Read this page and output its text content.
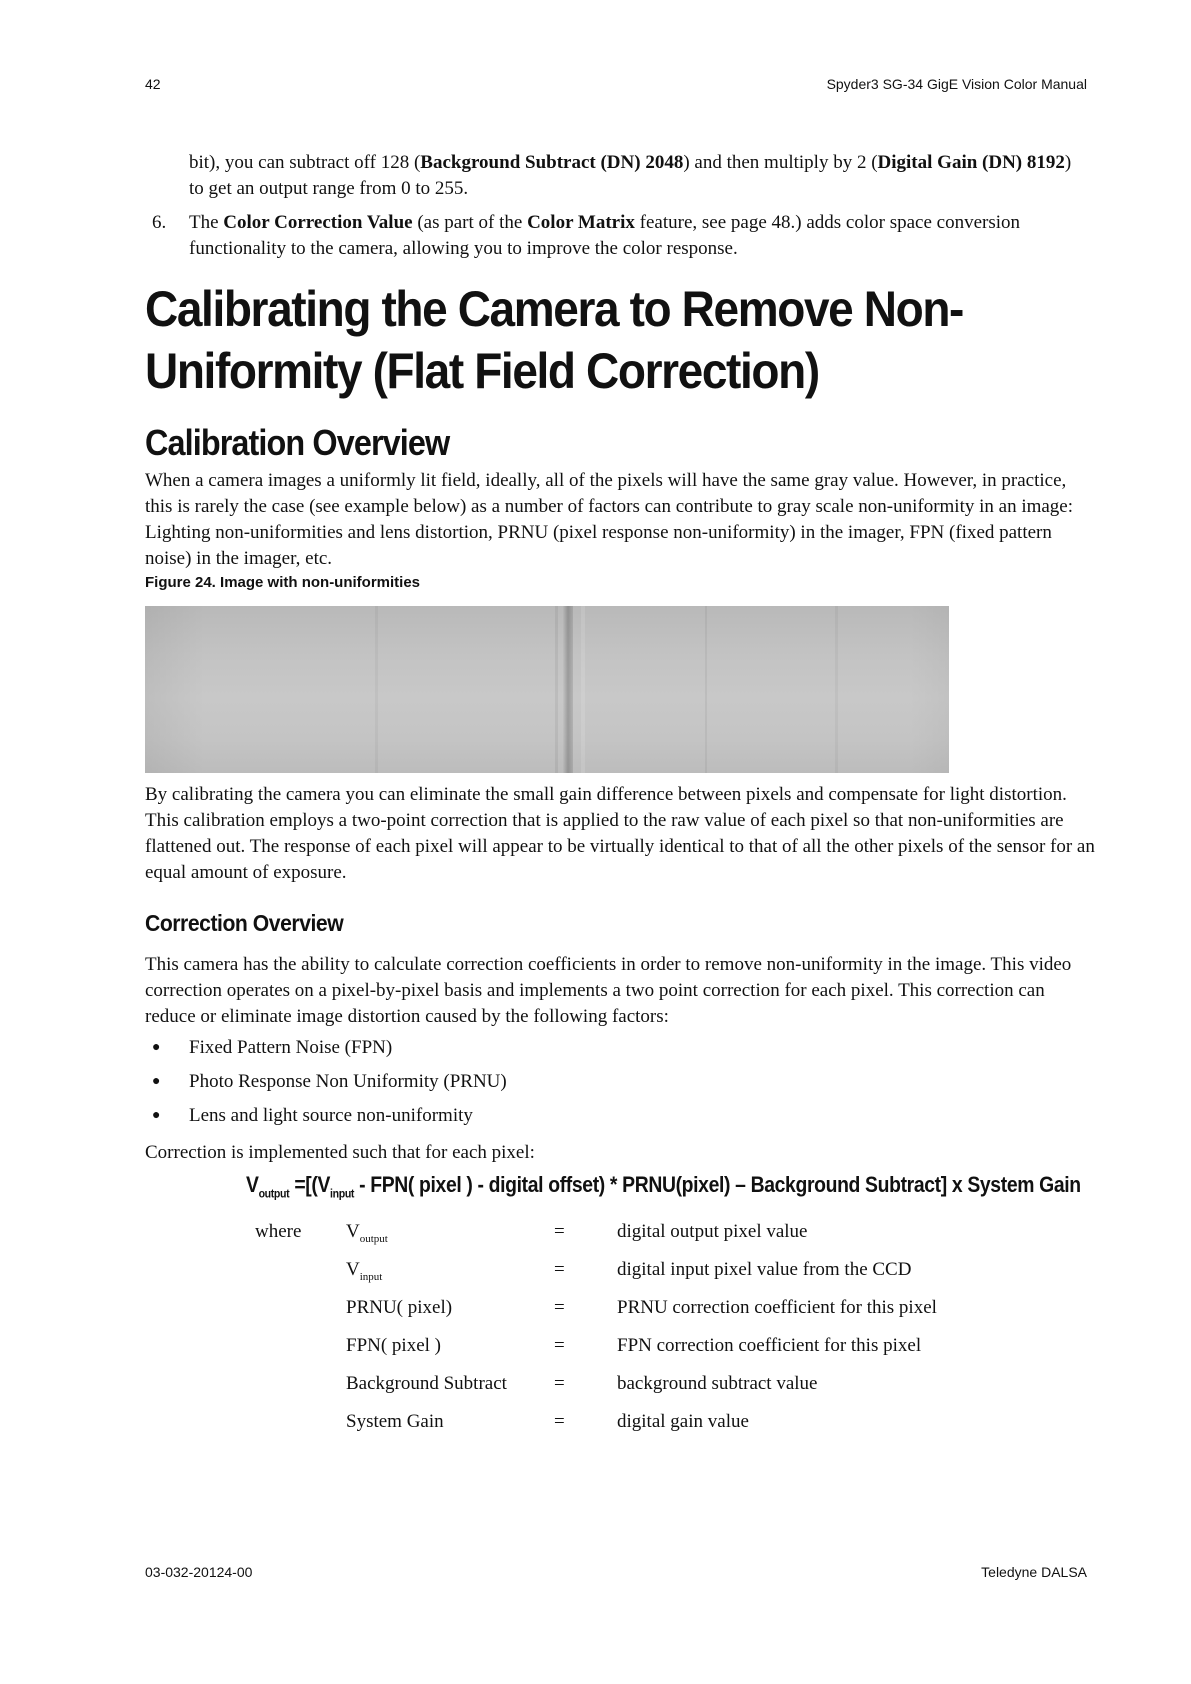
42	Spyder3 SG-34 GigE Vision Color Manual
bit), you can subtract off 128 (Background Subtract (DN) 2048) and then multiply by 2 (Digital Gain (DN) 8192) to get an output range from 0 to 255.
6.	The Color Correction Value (as part of the Color Matrix feature, see page 48.) adds color space conversion functionality to the camera, allowing you to improve the color response.
Calibrating the Camera to Remove Non-Uniformity (Flat Field Correction)
Calibration Overview
When a camera images a uniformly lit field, ideally, all of the pixels will have the same gray value. However, in practice, this is rarely the case (see example below) as a number of factors can contribute to gray scale non-uniformity in an image: Lighting non-uniformities and lens distortion, PRNU (pixel response non-uniformity) in the imager, FPN (fixed pattern noise) in the imager, etc.
Figure 24. Image with non-uniformities
By calibrating the camera you can eliminate the small gain difference between pixels and compensate for light distortion. This calibration employs a two-point correction that is applied to the raw value of each pixel so that non-uniformities are flattened out. The response of each pixel will appear to be virtually identical to that of all the other pixels of the sensor for an equal amount of exposure.
Correction Overview
This camera has the ability to calculate correction coefficients in order to remove non-uniformity in the image. This video correction operates on a pixel-by-pixel basis and implements a two point correction for each pixel. This correction can reduce or eliminate image distortion caused by the following factors:
●	Fixed Pattern Noise (FPN)
●	Photo Response Non Uniformity (PRNU)
●	Lens and light source non-uniformity
Correction is implemented such that for each pixel:
$V_{output} =[(V_{input} - FPN$( pixel ) - digital offset) * PRNU(pixel) – Background Subtract] x System Gain
where $V_{output}$	=	digital output pixel value
$V_{input}$	=	digital input pixel value from the CCD
PRNU( pixel)	=	PRNU correction coefficient for this pixel
FPN( pixel )	=	FPN correction coefficient for this pixel
Background Subtract =	background subtract value
System Gain	=	digital gain value
03-032-20124-00	Teledyne DALSA
